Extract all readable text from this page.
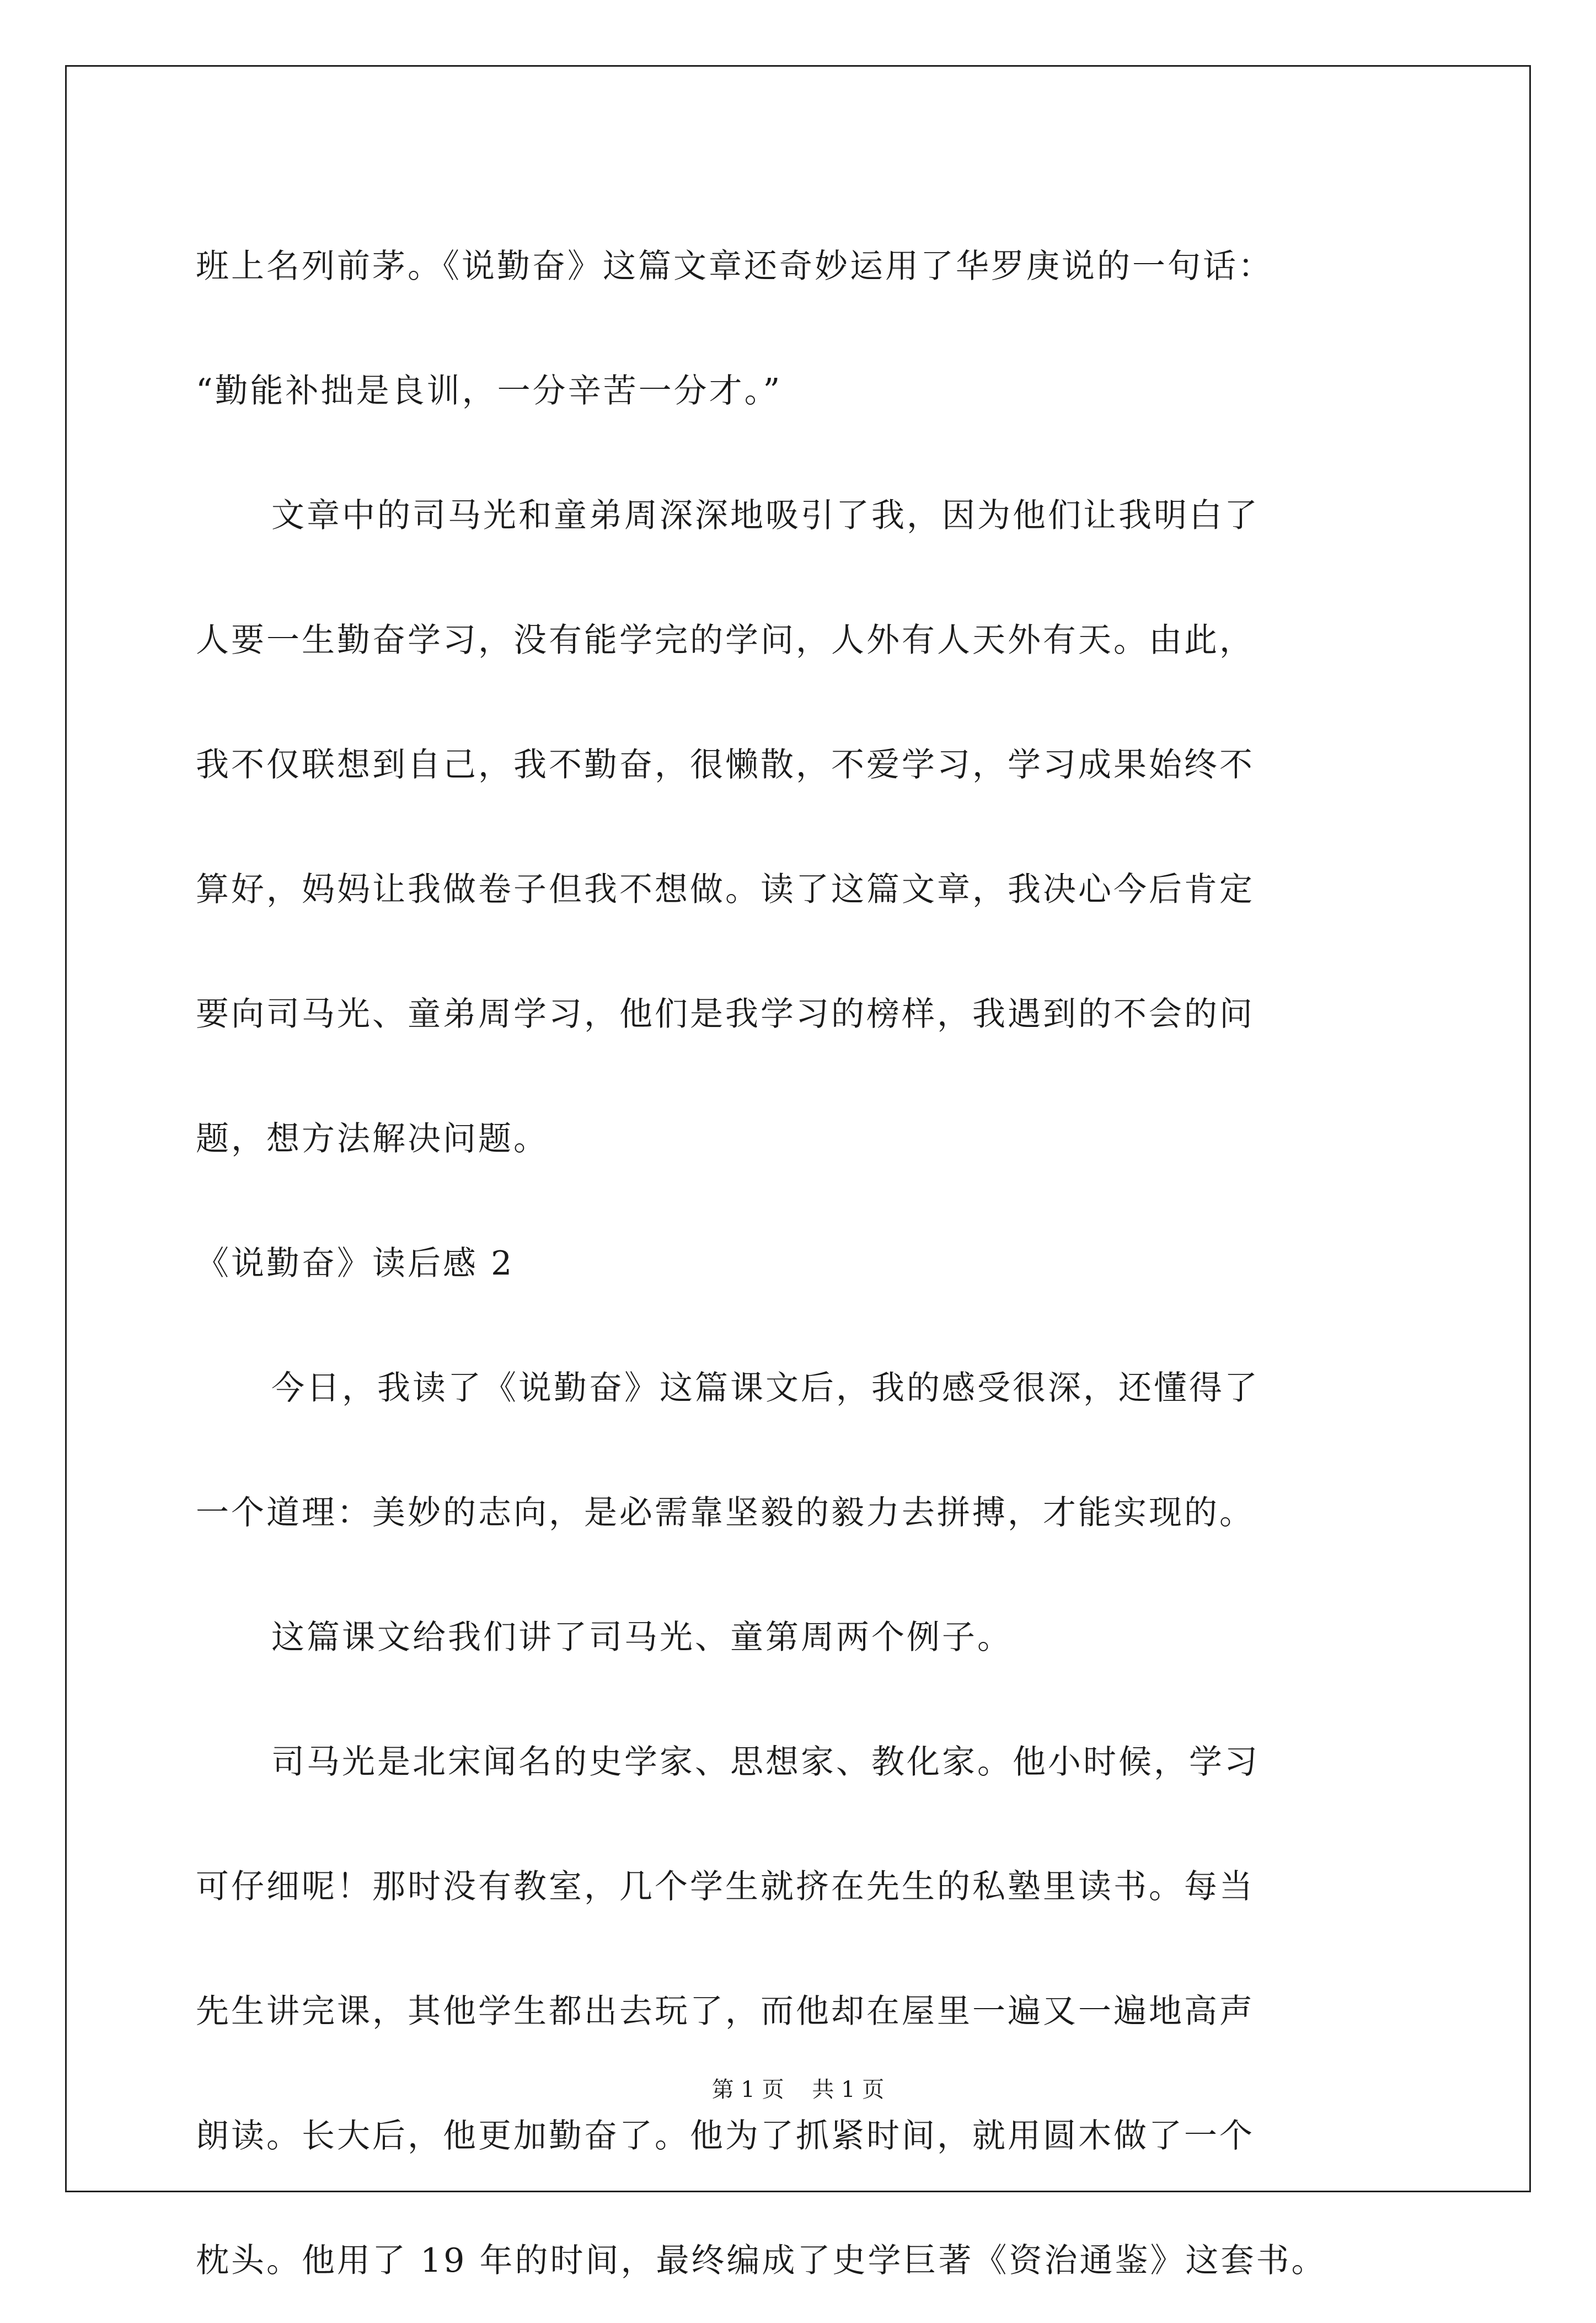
班上名列前茅。《说勤奋》这篇文章还奇妙运用了华罗庚说的一句话：
“勤能补拙是良训，一分辛苦一分才。”
文章中的司马光和童弟周深深地吸引了我，因为他们让我明白了
人要一生勤奋学习，没有能学完的学问，人外有人天外有天。由此，
我不仅联想到自己，我不勤奋，很懒散，不爱学习，学习成果始终不
算好，妈妈让我做卷子但我不想做。读了这篇文章，我决心今后肯定
要向司马光、童弟周学习，他们是我学习的榜样，我遇到的不会的问
题，想方法解决问题。
《说勤奋》读后感 2
今日，我读了《说勤奋》这篇课文后，我的感受很深，还懂得了
一个道理：美妙的志向，是必需靠坚毅的毅力去拼搏，才能实现的。
这篇课文给我们讲了司马光、童第周两个例子。
司马光是北宋闻名的史学家、思想家、教化家。他小时候，学习
可仔细呢！那时没有教室，几个学生就挤在先生的私塾里读书。每当
先生讲完课，其他学生都出去玩了，而他却在屋里一遍又一遍地高声
朗读。长大后，他更加勤奋了。他为了抓紧时间，就用圆木做了一个
枕头。他用了 19 年的时间，最终编成了史学巨著《资治通鉴》这套书。
第 1 页    共 1 页
